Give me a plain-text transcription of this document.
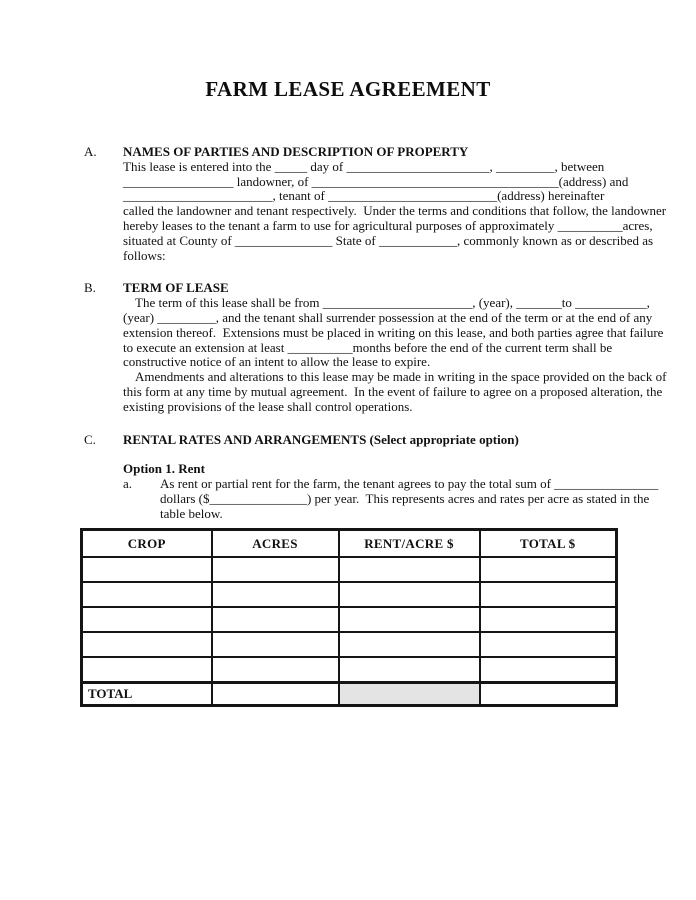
FARM LEASE AGREEMENT
A.	NAMES OF PARTIES AND DESCRIPTION OF PROPERTY
This lease is entered into the _____ day of ______________________, _________, between
_________________ landowner, of ______________________________________(address) and
_______________________, tenant of __________________________(address) hereinafter
called the landowner and tenant respectively.  Under the terms and conditions that follow, the landowner
hereby leases to the tenant a farm to use for agricultural purposes of approximately __________acres,
situated at County of _______________ State of ____________, commonly known as or described as
follows:
B.	TERM OF LEASE
The term of this lease shall be from _______________________, (year), _______to ___________,
(year) _________, and the tenant shall surrender possession at the end of the term or at the end of any
extension thereof.  Extensions must be placed in writing on this lease, and both parties agree that failure
to execute an extension at least __________months before the end of the current term shall be
constructive notice of an intent to allow the lease to expire.
Amendments and alterations to this lease may be made in writing in the space provided on the back of
this form at any time by mutual agreement.  In the event of failure to agree on a proposed alteration, the
existing provisions of the lease shall control operations.
C.	RENTAL RATES AND ARRANGEMENTS (Select appropriate option)
Option 1. Rent
a.	As rent or partial rent for the farm, the tenant agrees to pay the total sum of ________________
dollars ($_______________) per year.  This represents acres and rates per acre as stated in the
table below.
CROP	ACRES	RENT/ACRE $	TOTAL $

TOTAL			
